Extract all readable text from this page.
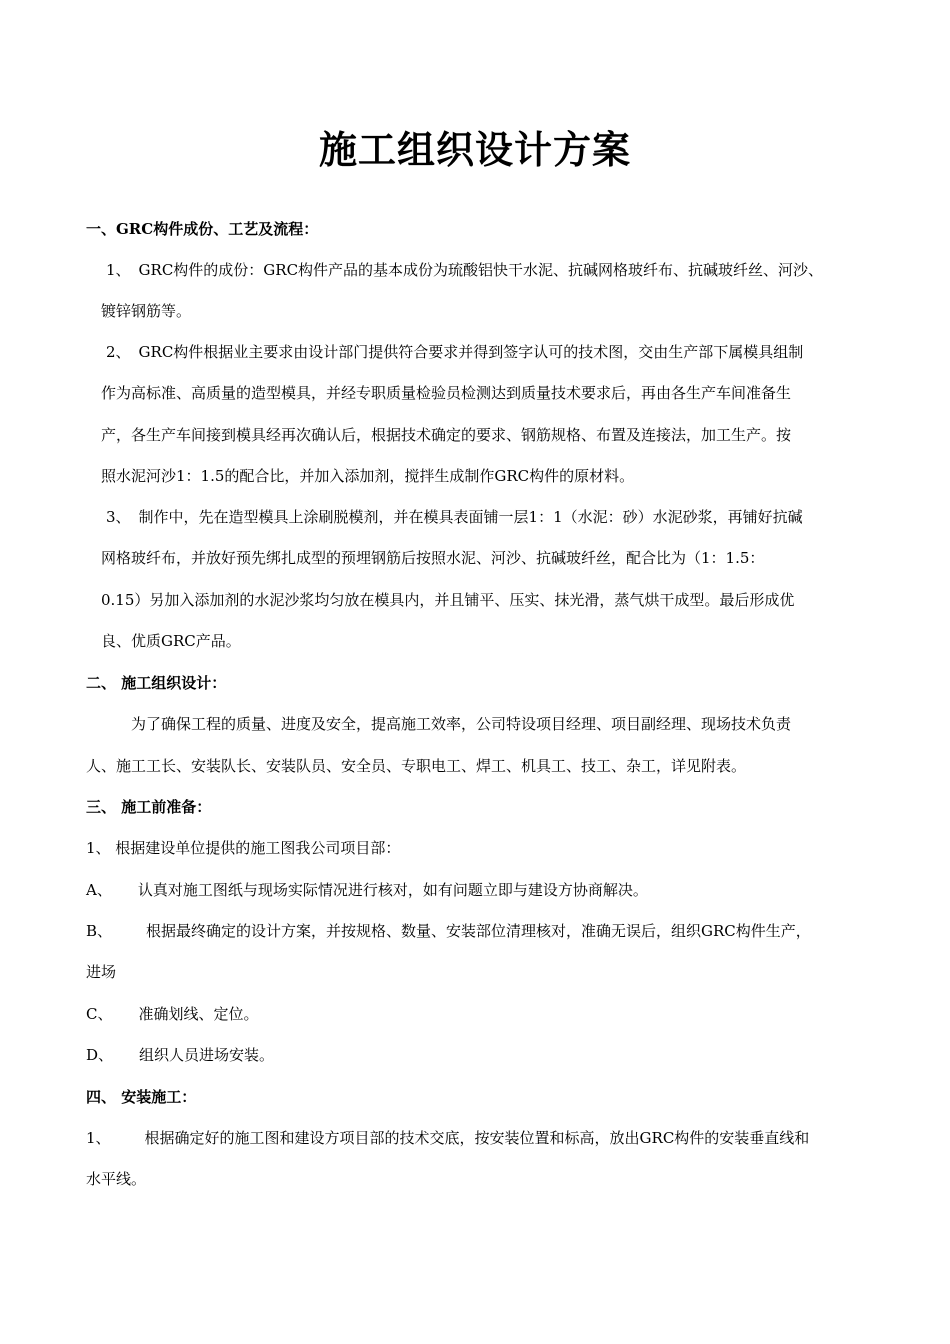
施工组织设计方案
一、GRC构件成份、工艺及流程：
1、 GRC构件的成份：GRC构件产品的基本成份为琉酸铝快干水泥、抗碱网格玻纤布、抗碱玻纤丝、河沙、
镀锌钢筋等。
2、 GRC构件根据业主要求由设计部门提供符合要求并得到签字认可的技术图，交由生产部下属模具组制
作为高标准、高质量的造型模具，并经专职质量检验员检测达到质量技术要求后，再由各生产车间准备生
产，各生产车间接到模具经再次确认后，根据技术确定的要求、钢筋规格、布置及连接法，加工生产。按
照水泥河沙1：1.5的配合比，并加入添加剂，搅拌生成制作GRC构件的原材料。
3、 制作中，先在造型模具上涂刷脱模剂，并在模具表面铺一层1：1（水泥：砂）水泥砂浆，再铺好抗碱
网格玻纤布，并放好预先绑扎成型的预埋钢筋后按照水泥、河沙、抗碱玻纤丝，配合比为（1：1.5：
0.15）另加入添加剂的水泥沙浆均匀放在模具内，并且铺平、压实、抹光滑，蒸气烘干成型。最后形成优
良、优质GRC产品。
二、 施工组织设计：
为了确保工程的质量、进度及安全，提高施工效率，公司特设项目经理、项目副经理、现场技术负责
人、施工工长、安装队长、安装队员、安全员、专职电工、焊工、机具工、技工、杂工，详见附表。
三、 施工前准备：
1、 根据建设单位提供的施工图我公司项目部：
A、 认真对施工图纸与现场实际情况进行核对，如有问题立即与建设方协商解决。
B、 根据最终确定的设计方案，并按规格、数量、安装部位清理核对，准确无误后，组织GRC构件生产，
进场
C、 准确划线、定位。
D、 组织人员进场安装。
四、 安装施工：
1、 根据确定好的施工图和建设方项目部的技术交底，按安装位置和标高，放出GRC构件的安装垂直线和
水平线。
